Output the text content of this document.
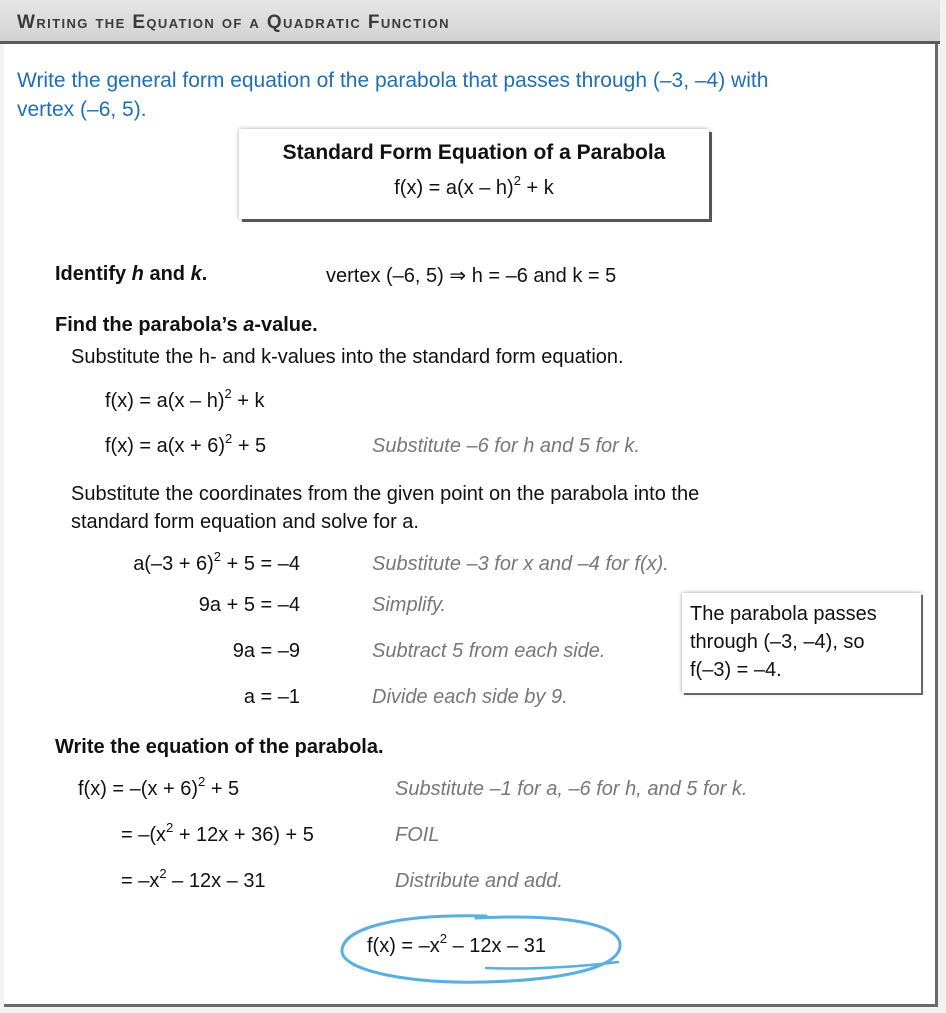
Writing the Equation of a Quadratic Function
Write the general form equation of the parabola that passes through (–3, –4) with
vertex (–6, 5).
Standard Form Equation of a Parabola
f(x) = a(x – h)$^2$ + k
Identify h and k.	vertex (–6, 5) ⇒ h = –6 and k = 5
Find the parabola’s a-value.
Substitute the h- and k-values into the standard form equation.
f(x) = a(x – h)$^2$ + k
$f(x) = a(x + 6)^2 + 5$	Substitute –6 for h and 5 for k.
Substitute the coordinates from the given point on the parabola into the
standard form equation and solve for a.
$a(-3 + 6)^2 + 5 = -4$	Substitute –3 for x and –4 for f(x).
9a + 5 = –4	Simplify.
9a = –9	Subtract 5 from each side.
a = –1	Divide each side by 9.
The parabola passes
through (–3, –4), so
f(–3) = –4.
Write the equation of the parabola.
$f(x) = -(x + 6)^2 + 5$	Substitute –1 for a, –6 for h, and 5 for k.
= $-(x^2 + 12x + 36) + 5$	FOIL
= $-x^2 - 12x - 31$	Distribute and add.
$f(x) = -x^2 - 12x - 31$
